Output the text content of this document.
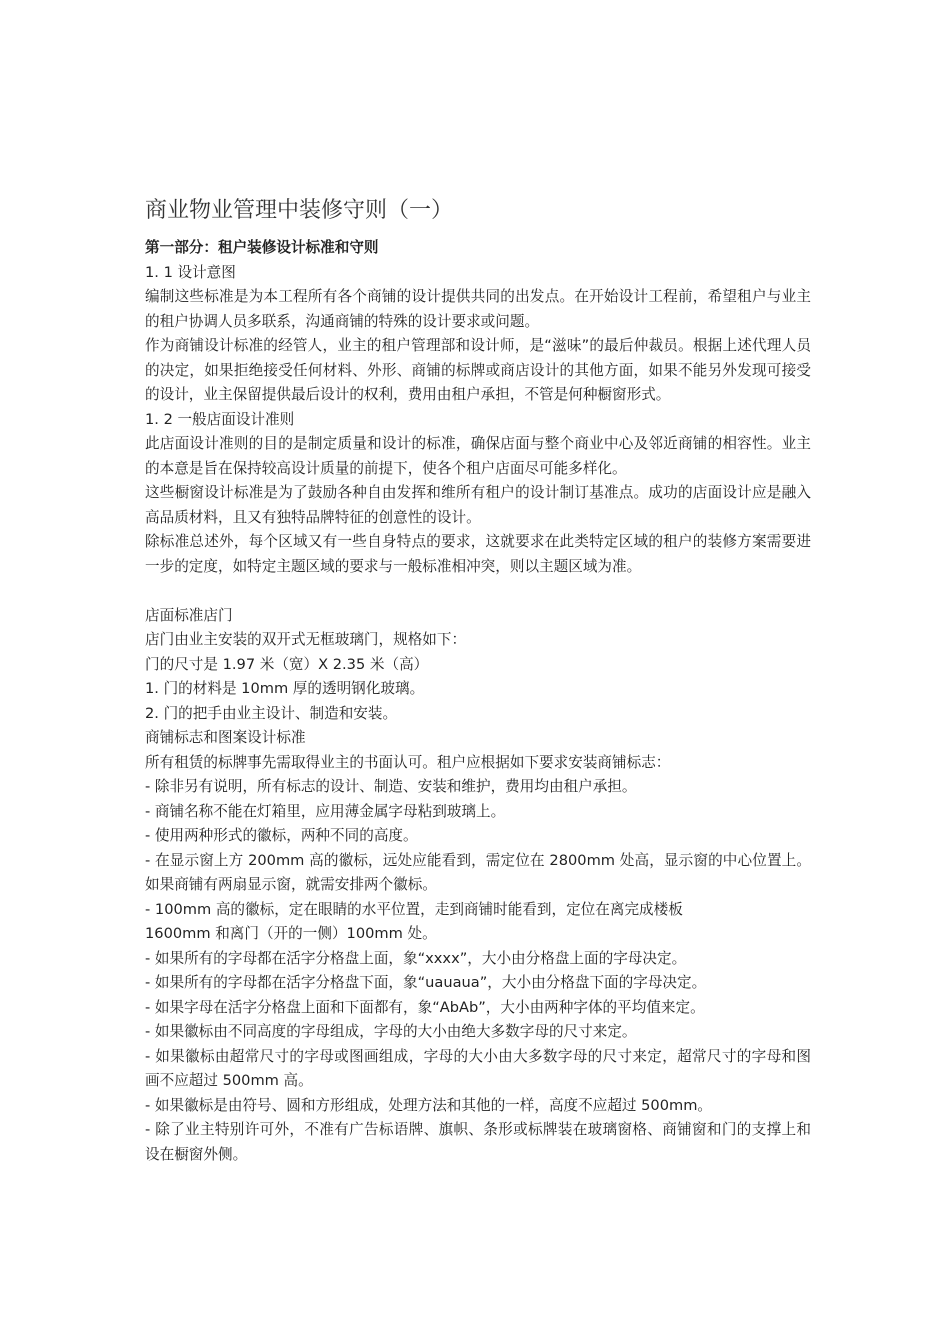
商业物业管理中装修守则（一）

第一部分：租户装修设计标准和守则

1. 1 设计意图

编制这些标准是为本工程所有各个商铺的设计提供共同的出发点。在开始设计工程前，希望租户与业主的租户协调人员多联系，沟通商铺的特殊的设计要求或问题。

作为商铺设计标准的经管人，业主的租户管理部和设计师，是“滋味”的最后仲裁员。根据上述代理人员的决定，如果拒绝接受任何材料、外形、商铺的标牌或商店设计的其他方面，如果不能另外发现可接受的设计，业主保留提供最后设计的权利，费用由租户承担，不管是何种橱窗形式。

1. 2 一般店面设计准则

此店面设计准则的目的是制定质量和设计的标准，确保店面与整个商业中心及邻近商铺的相容性。业主的本意是旨在保持较高设计质量的前提下，使各个租户店面尽可能多样化。

这些橱窗设计标准是为了鼓励各种自由发挥和维所有租户的设计制订基准点。成功的店面设计应是融入高品质材料，且又有独特品牌特征的创意性的设计。

除标准总述外，每个区域又有一些自身特点的要求，这就要求在此类特定区域的租户的装修方案需要进一步的定度，如特定主题区域的要求与一般标准相冲突，则以主题区域为准。

店面标准店门

店门由业主安装的双开式无框玻璃门，规格如下：

门的尺寸是 1.97 米（宽）X 2.35 米（高）

1. 门的材料是 10mm 厚的透明钢化玻璃。

2. 门的把手由业主设计、制造和安装。

商铺标志和图案设计标准

所有租赁的标牌事先需取得业主的书面认可。租户应根据如下要求安装商铺标志：

- 除非另有说明，所有标志的设计、制造、安装和维护，费用均由租户承担。

- 商铺名称不能在灯箱里，应用薄金属字母粘到玻璃上。

- 使用两种形式的徽标，两种不同的高度。

- 在显示窗上方 200mm 高的徽标，远处应能看到，需定位在 2800mm 处高，显示窗的中心位置上。如果商铺有两扇显示窗，就需安排两个徽标。

- 100mm 高的徽标，定在眼睛的水平位置，走到商铺时能看到，定位在离完成楼板

1600mm 和离门（开的一侧）100mm 处。

- 如果所有的字母都在活字分格盘上面，象“xxxx”，大小由分格盘上面的字母决定。

- 如果所有的字母都在活字分格盘下面，象“uauaua”，大小由分格盘下面的字母决定。

- 如果字母在活字分格盘上面和下面都有，象“AbAb”，大小由两种字体的平均值来定。

- 如果徽标由不同高度的字母组成，字母的大小由绝大多数字母的尺寸来定。

- 如果徽标由超常尺寸的字母或图画组成，字母的大小由大多数字母的尺寸来定，超常尺寸的字母和图画不应超过 500mm 高。

- 如果徽标是由符号、圆和方形组成，处理方法和其他的一样，高度不应超过 500mm。

- 除了业主特别许可外，不准有广告标语牌、旗帜、条形或标牌装在玻璃窗格、商铺窗和门的支撑上和设在橱窗外侧。
